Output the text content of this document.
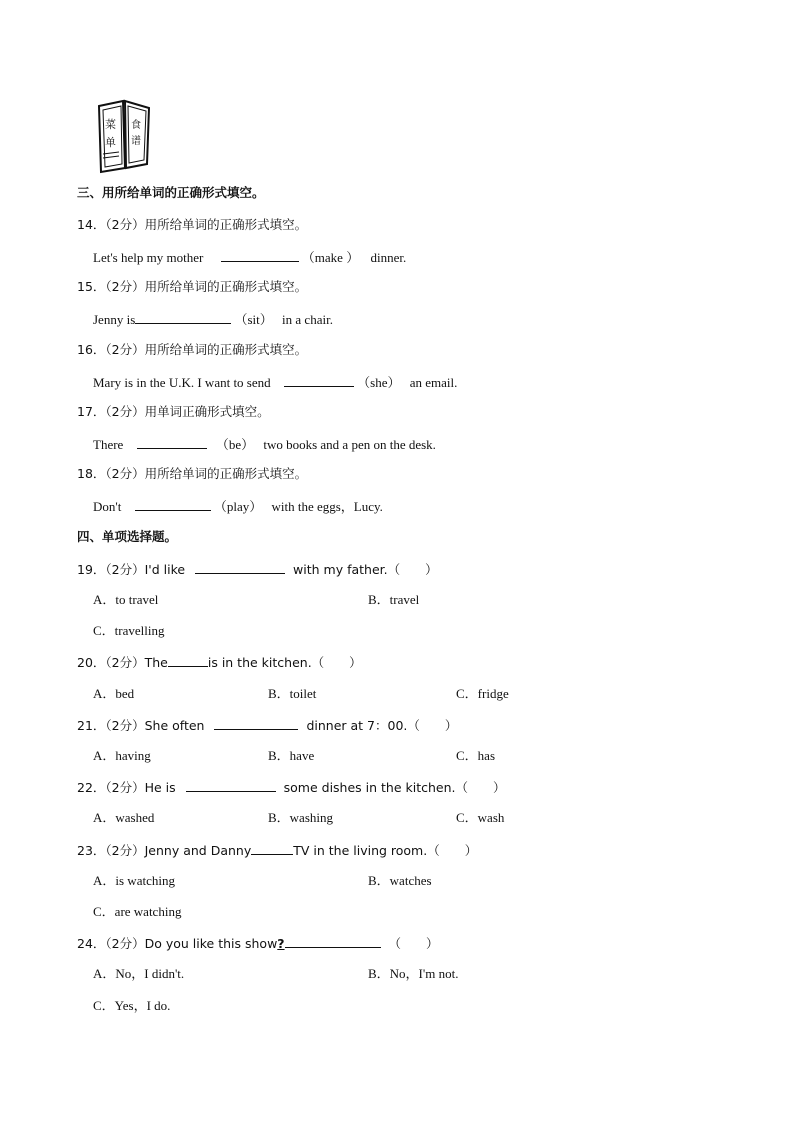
菜
单
食
谱
三、用所给单词的正确形式填空。
14．（2分）用所给单词的正确形式填空。
Let's help my mother	（make ） dinner.
15．（2分）用所给单词的正确形式填空。
Jenny is	（sit） in a chair.
16．（2分）用所给单词的正确形式填空。
Mary is in the U.K. I want to send	（she） an email.
17．（2分）用单词正确形式填空。
There	（be） two books and a pen on the desk.
18．（2分）用所给单词的正确形式填空。
Don't	（play） with the eggs，Lucy.
四、单项选择题。
19．（2分）I'd like	with my father.（　　）
A．to travel	B．travel
C．travelling
20．（2分）The	is in the kitchen.（　　）
A．bed	B．toilet	C．fridge
21．（2分）She often	dinner at 7：00.（　　）
A．having	B．have	C．has
22．（2分）He is	some dishes in the kitchen.（　　）
A．washed	B．washing	C．wash
23．（2分）Jenny and Danny	TV in the living room.（　　）
A．is watching	B．watches
C．are watching
24．（2分）Do you like this show?	（　　）
A．No，I didn't.	B．No，I'm not.
C．Yes，I do.
